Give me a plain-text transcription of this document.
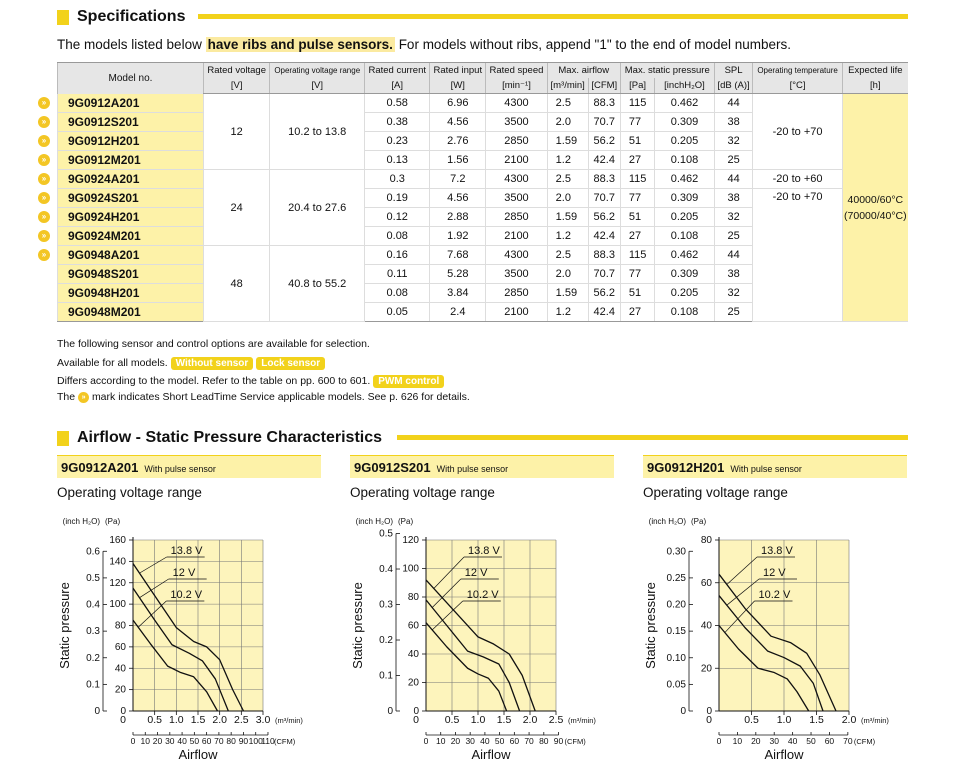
Specifications
The models listed below have ribs and pulse sensors. For models without ribs, append "1" to the end of model numbers.
Model no.	Rated voltage	Operating voltage range	Rated current	Rated input	Rated speed	Max. airflow		Max. static pressure		SPL	Operating temperature	Expected life
	[V]	[V]	[A]	[W]	[min⁻¹]	[m³/min]	[CFM]	[Pa]	[inchH₂O]	[dB (A)]	[°C]	[h]
9G0912A201	12	10.2 to 13.8	0.58	6.96	4300	2.5	88.3	115	0.462	44	-20 to +70	40000/60°C
(70000/40°C)

9G0912S201			0.38	4.56	3500	2.0	70.7	77	0.309	38		
9G0912H201			0.23	2.76	2850	1.59	56.2	51	0.205	32		
9G0912M201			0.13	1.56	2100	1.2	42.4	27	0.108	25		
9G0924A201	24	20.4 to 27.6	0.3	7.2	4300	2.5	88.3	115	0.462	44	-20 to +60	
9G0924S201			0.19	4.56	3500	2.0	70.7	77	0.309	38	-20 to +70	
9G0924H201			0.12	2.88	2850	1.59	56.2	51	0.205	32		
9G0924M201			0.08	1.92	2100	1.2	42.4	27	0.108	25		
9G0948A201	48	40.8 to 55.2	0.16	7.68	4300	2.5	88.3	115	0.462	44		
9G0948S201			0.11	5.28	3500	2.0	70.7	77	0.309	38		
9G0948H201			0.08	3.84	2850	1.59	56.2	51	0.205	32		
9G0948M201			0.05	2.4	2100	1.2	42.4	27	0.108	25		
»
»
»
»
»
»
»
»
»
The following sensor and control options are available for selection.
Available for all models. Without sensor Lock sensor
Differs according to the model. Refer to the table on pp. 600 to 601. PWM control
The » mark indicates Short LeadTime Service applicable models. See p. 626 for details.
Airflow - Static Pressure Characteristics
9G0912A201 With pulse sensor
Operating voltage range
0
20
40
60
80
100
120
140
160
0
0.1
0.2
0.3
0.4
0.5
0.6
(inch H₂O) (Pa)
Static pressure
0.5 1.0 1.5 2.0 2.5 3.0
0	(m³/min)
0 10 20 30 40 50 60 70 80 90 100
110 (CFM)
Airflow
13.8 V
12 V
10.2 V
9G0912S201 With pulse sensor
Operating voltage range
0
20
40
60
80
100
120
0
0.1
0.2
0.3
0.4
0.5
(inch H₂O) (Pa)
Static pressure
0.5 1.0 1.5 2.0 2.5
0	(m³/min)
0 10 20 30 40 50 60 70 80 90 (CFM)
Airflow
13.8 V
12 V
10.2 V
9G0912H201 With pulse sensor
Operating voltage range
0
20
40
60
80
0
0.05
0.10
0.15
0.20
0.25
0.30
(inch H₂O) (Pa)
Static pressure
0.5 1.0 1.5 2.0
0	(m³/min)
0 10 20 30 40 50 60 70 (CFM)
Airflow
13.8 V
12 V
10.2 V
